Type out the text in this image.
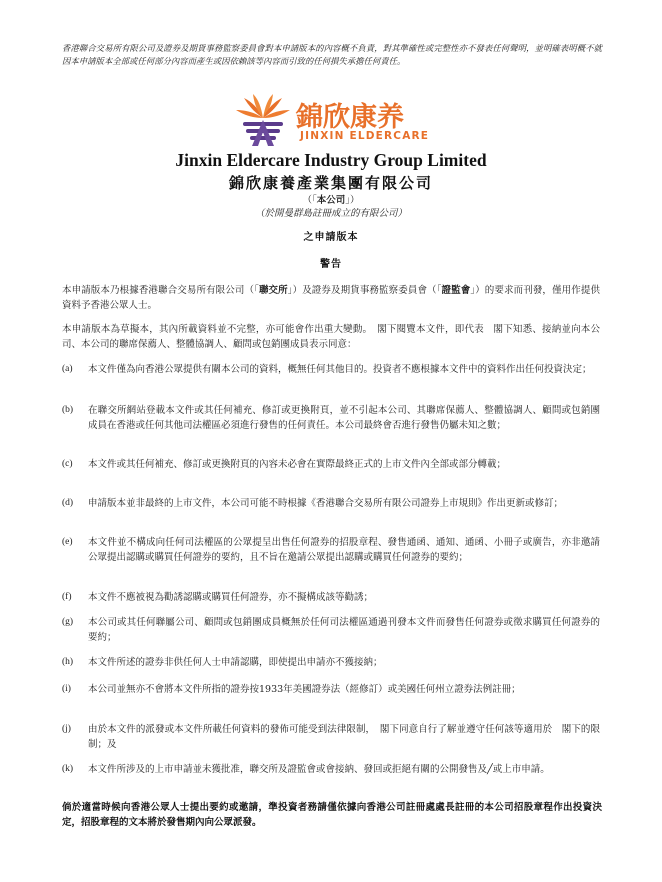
香港聯合交易所有限公司及證券及期貨事務監察委員會對本申請版本的內容概不負責，對其準確性或完整性亦不發表任何聲明，並明確表明概不就因本申請版本全部或任何部分內容而產生或因依賴該等內容而引致的任何損失承擔任何責任。
錦欣康养
JINXIN ELDERCARE
Jinxin Eldercare Industry Group Limited
錦欣康養產業集團有限公司
（「本公司」）
（於開曼群島註冊成立的有限公司）
之申請版本
警告
本申請版本乃根據香港聯合交易所有限公司（「聯交所」）及證券及期貨事務監察委員會（「證監會」）的要求而刊發，僅用作提供資料予香港公眾人士。
本申請版本為草擬本，其內所載資料並不完整，亦可能會作出重大變動。　閣下閱覽本文件，即代表　閣下知悉、接納並向本公司、本公司的聯席保薦人、整體協調人、顧問或包銷團成員表示同意：
(a)	本文件僅為向香港公眾提供有關本公司的資料，概無任何其他目的。投資者不應根據本文件中的資料作出任何投資決定；
(b)	在聯交所網站登載本文件或其任何補充、修訂或更換附頁，並不引起本公司、其聯席保薦人、整體協調人、顧問或包銷團成員在香港或任何其他司法權區必須進行發售的任何責任。本公司最終會否進行發售仍屬未知之數；
(c)	本文件或其任何補充、修訂或更換附頁的內容未必會在實際最終正式的上市文件內全部或部分轉載；
(d)	申請版本並非最終的上市文件，本公司可能不時根據《香港聯合交易所有限公司證券上市規則》作出更新或修訂；
(e)	本文件並不構成向任何司法權區的公眾提呈出售任何證券的招股章程、發售通函、通知、通函、小冊子或廣告，亦非邀請公眾提出認購或購買任何證券的要約，且不旨在邀請公眾提出認購或購買任何證券的要約；
(f)	本文件不應被視為勸誘認購或購買任何證券，亦不擬構成該等勸誘；
(g)	本公司或其任何聯屬公司、顧問或包銷團成員概無於任何司法權區通過刊發本文件而發售任何證券或徵求購買任何證券的要約；
(h)	本文件所述的證券非供任何人士申請認購，即使提出申請亦不獲接納；
(i)	本公司並無亦不會將本文件所指的證券按1933年美國證券法（經修訂）或美國任何州立證券法例註冊；
(j)	由於本文件的派發或本文件所載任何資料的發佈可能受到法律限制，　閣下同意自行了解並遵守任何該等適用於　閣下的限制；及
(k)	本文件所涉及的上市申請並未獲批准，聯交所及證監會或會接納、發回或拒絕有關的公開發售及╱或上市申請。
倘於適當時候向香港公眾人士提出要約或邀請，準投資者務請僅依據向香港公司註冊處處長註冊的本公司招股章程作出投資決定，招股章程的文本將於發售期內向公眾派發。
